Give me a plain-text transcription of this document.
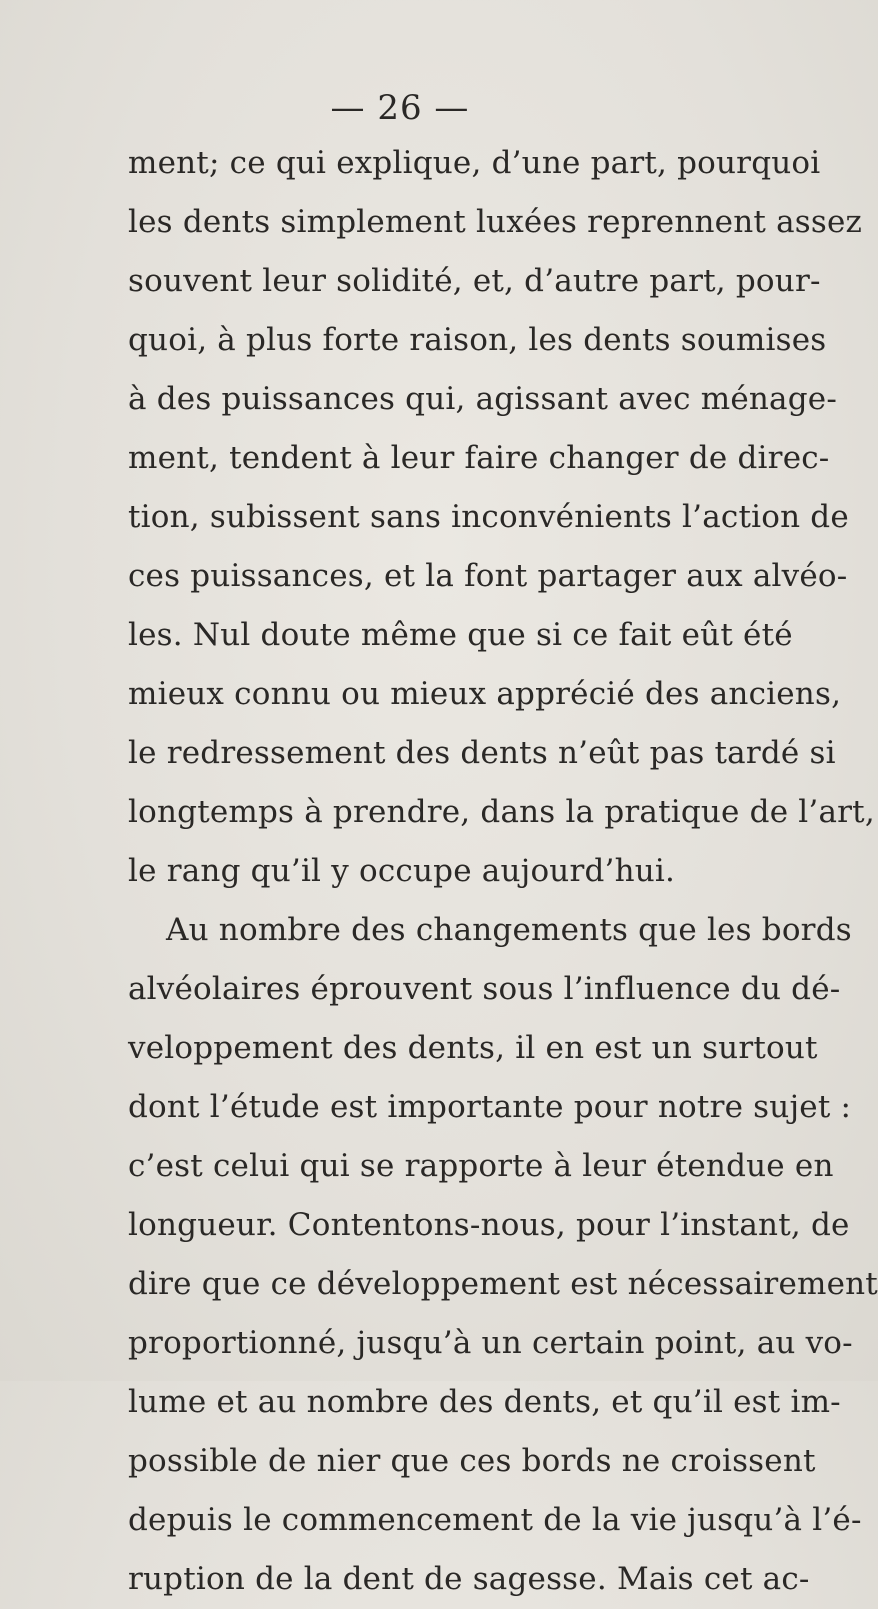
— 26 —
ment; ce qui explique, d’une part, pourquoi
les dents simplement luxées reprennent assez
souvent leur solidité, et, d’autre part, pour-
quoi, à plus forte raison, les dents soumises
à des puissances qui, agissant avec ménage-
ment, tendent à leur faire changer de direc-
tion, subissent sans inconvénients l’action de
ces puissances, et la font partager aux alvéo-
les. Nul doute même que si ce fait eût été
mieux connu ou mieux apprécié des anciens,
le redressement des dents n’eût pas tardé si
longtemps à prendre, dans la pratique de l’art,
le rang qu’il y occupe aujourd’hui.
Au nombre des changements que les bords
alvéolaires éprouvent sous l’influence du dé-
veloppement des dents, il en est un surtout
dont l’étude est importante pour notre sujet :
c’est celui qui se rapporte à leur étendue en
longueur. Contentons-nous, pour l’instant, de
dire que ce développement est nécessairement
proportionné, jusqu’à un certain point, au vo-
lume et au nombre des dents, et qu’il est im-
possible de nier que ces bords ne croissent
depuis le commencement de la vie jusqu’à l’é-
ruption de la dent de sagesse. Mais cet ac-
